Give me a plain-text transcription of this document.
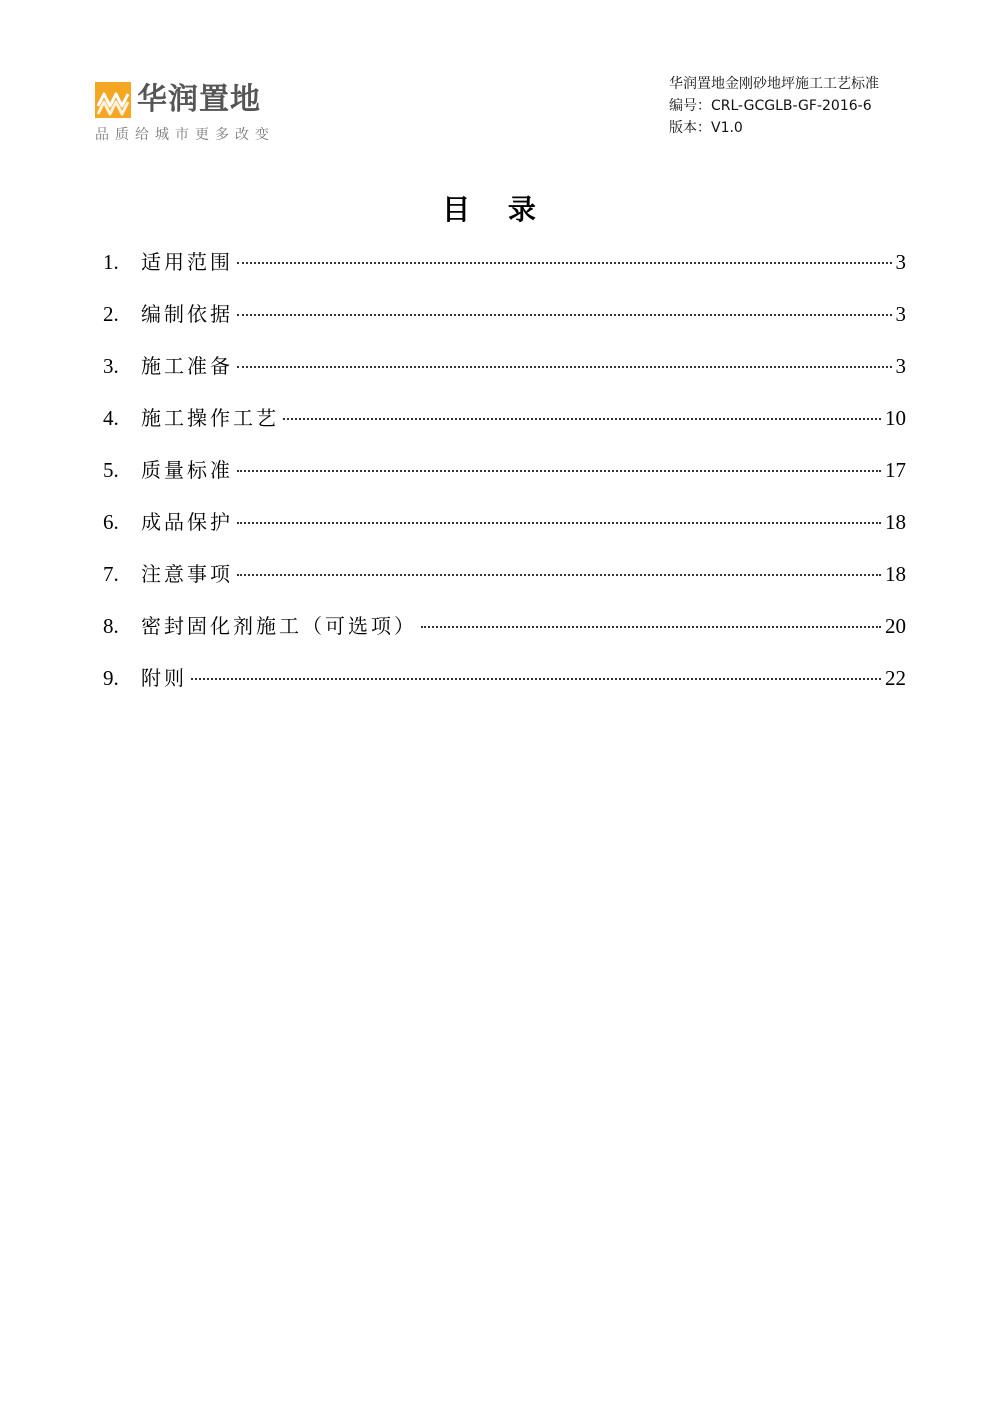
华润置地
品质给城市更多改变
华润置地金刚砂地坪施工工艺标准
编号：CRL-GCGLB-GF-2016-6
版本：V1.0
目 录
1.	适用范围	3
2.	编制依据	3
3.	施工准备	3
4.	施工操作工艺	10
5.	质量标准	17
6.	成品保护	18
7.	注意事项	18
8.	密封固化剂施工（可选项）	20
9.	附则	22
